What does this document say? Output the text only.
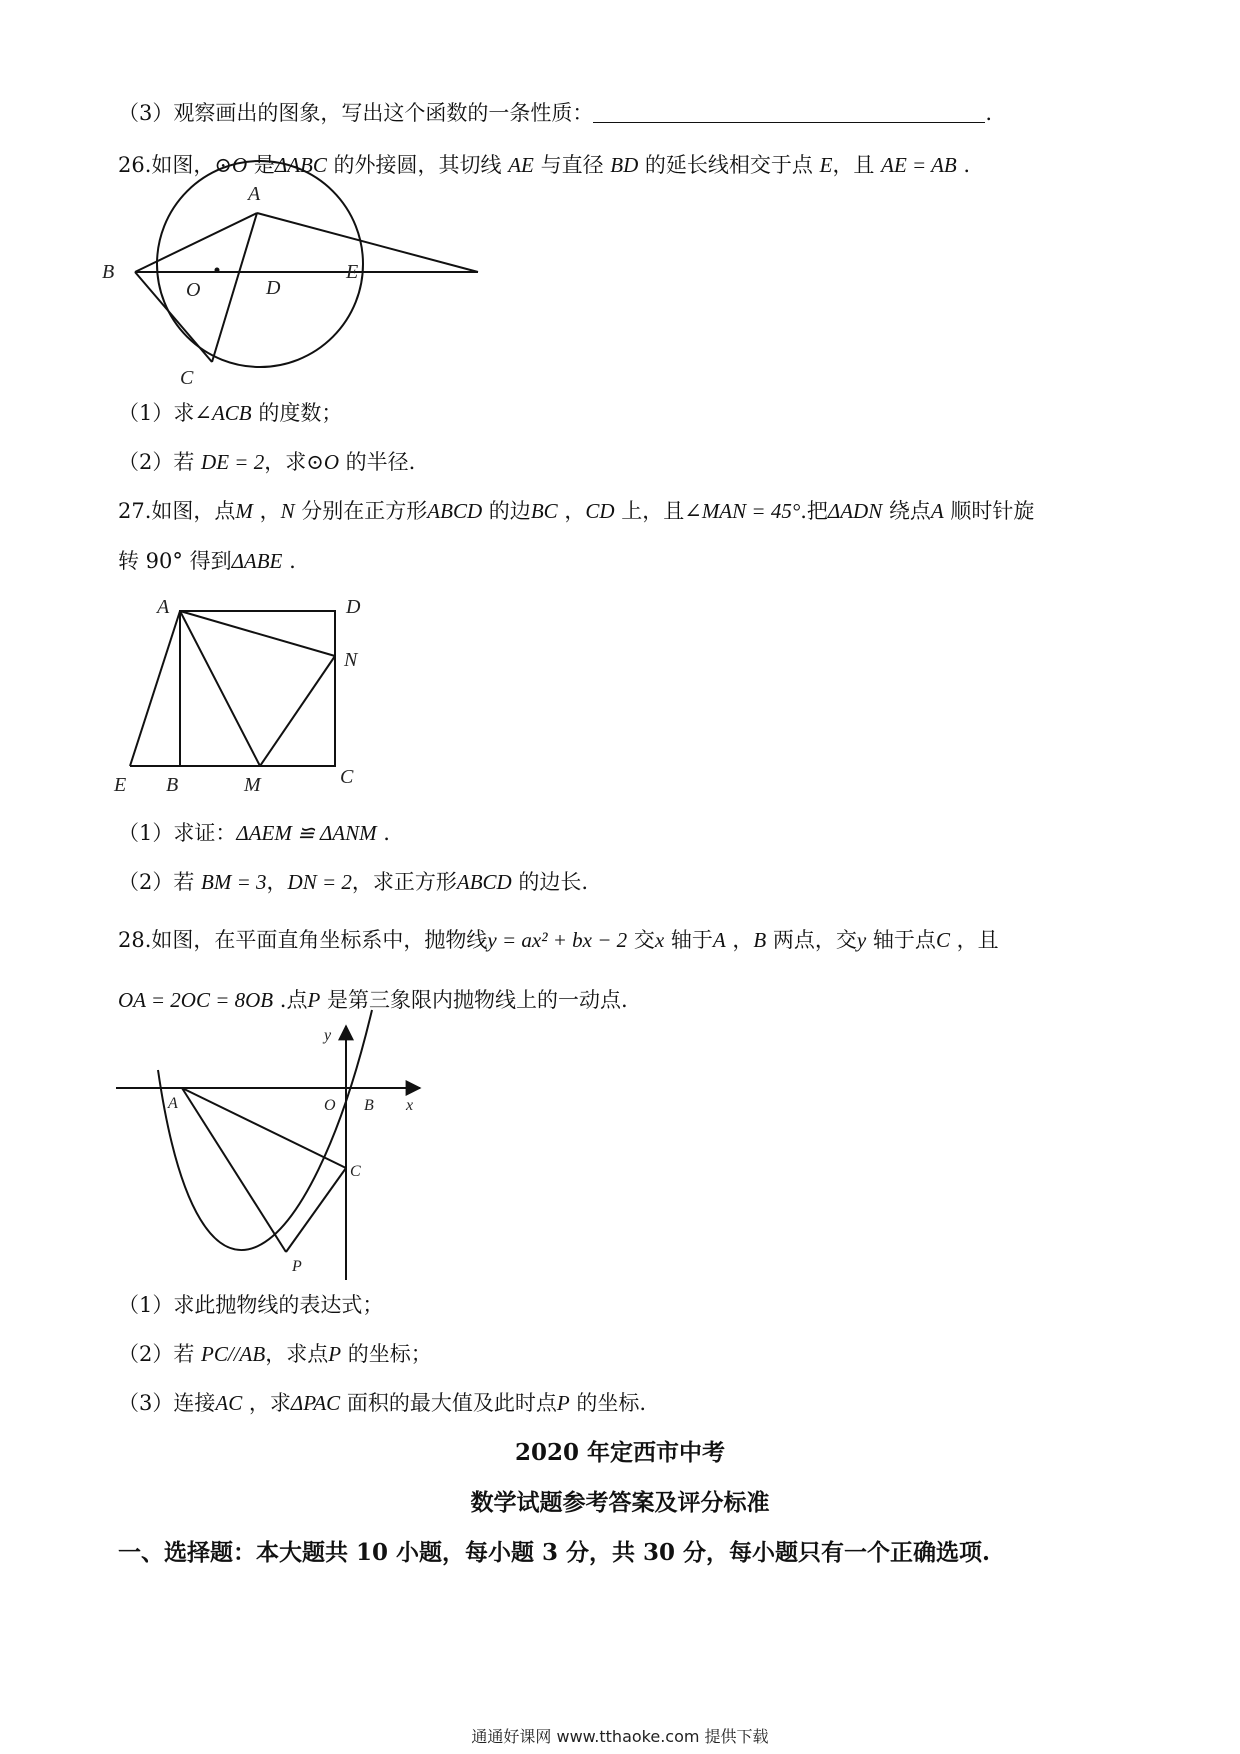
（3）观察画出的图象，写出这个函数的一条性质：	.
26.如图，⊙O 是ΔABC 的外接圆，其切线 AE 与直径 BD 的延长线相交于点 E，且 AE = AB .
A
B
O	D
E
C
（1）求∠ACB 的度数；
（2）若 DE = 2，求⊙O 的半径.
27.如图，点M ，N 分别在正方形ABCD 的边BC ，CD 上，且∠MAN = 45°.把ΔADN 绕点A 顺时针旋
转 90° 得到ΔABE .
A	D
N
E B	M	C
（1）求证：ΔAEM ≌ ΔANM .
（2）若 BM = 3，DN = 2，求正方形ABCD 的边长.
28.如图，在平面直角坐标系中，抛物线y = ax² + bx − 2 交x 轴于A ，B 两点，交y 轴于点C ，且
OA = 2OC = 8OB .点P 是第三象限内抛物线上的一动点.
y
x
A	O B
C
P
（1）求此抛物线的表达式；
（2）若 PC//AB，求点P 的坐标；
（3）连接AC ，求ΔPAC 面积的最大值及此时点P 的坐标.
2020 年定西市中考
数学试题参考答案及评分标准
一、选择题：本大题共 10 小题，每小题 3 分，共 30 分，每小题只有一个正确选项.
通通好课网 www.tthaoke.com 提供下载
